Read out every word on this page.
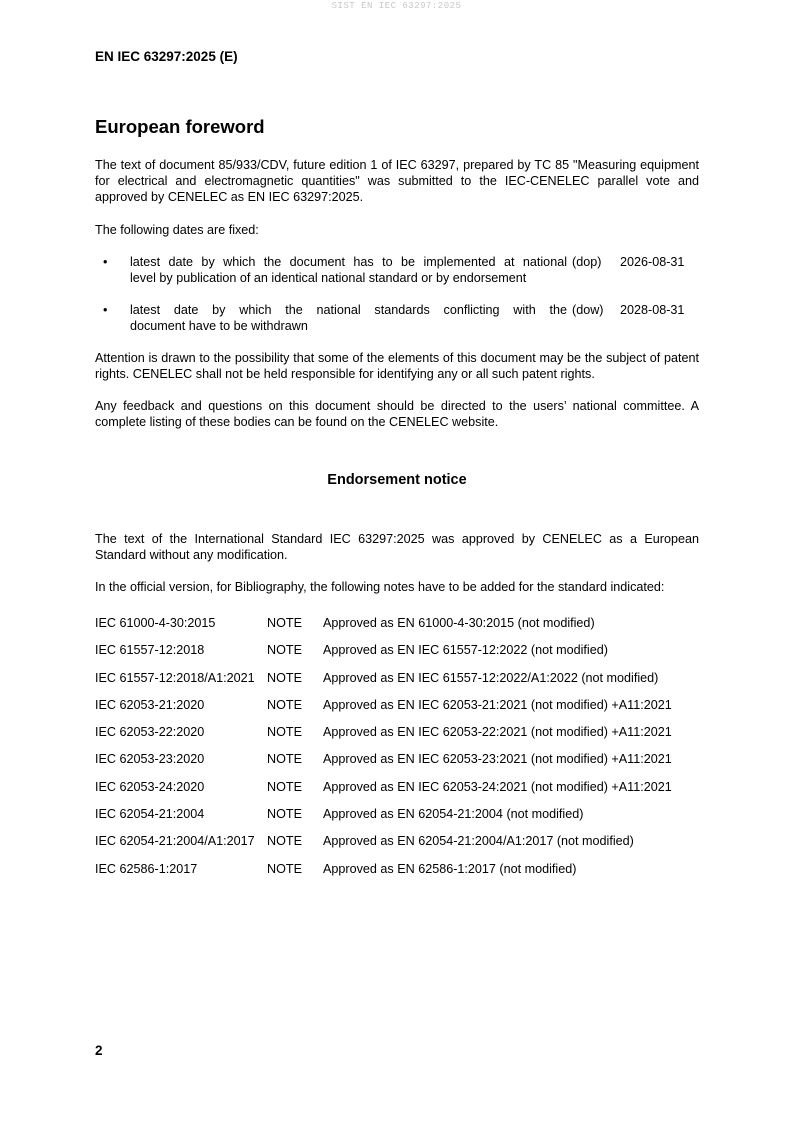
SIST EN IEC 63297:2025
EN IEC 63297:2025 (E)
European foreword

The text of document 85/933/CDV, future edition 1 of IEC 63297, prepared by TC 85 "Measuring equipment for electrical and electromagnetic quantities" was submitted to the IEC-CENELEC parallel vote and approved by CENELEC as EN IEC 63297:2025.

The following dates are fixed:

• latest date by which the document has to be implemented at national
level by publication of an identical national standard or by endorsement
(dop) 2026-08-31
• latest date by which the national standards conflicting with the
document have to be withdrawn
(dow) 2028-08-31

Attention is drawn to the possibility that some of the elements of this document may be the subject of patent rights. CENELEC shall not be held responsible for identifying any or all such patent rights.

Any feedback and questions on this document should be directed to the users’ national committee. A complete listing of these bodies can be found on the CENELEC website.

Endorsement notice

The text of the International Standard IEC 63297:2025 was approved by CENELEC as a European Standard without any modification.

In the official version, for Bibliography, the following notes have to be added for the standard indicated:

IEC 61000-4-30:2015	NOTE Approved as EN 61000-4-30:2015 (not modified)
IEC 61557-12:2018	NOTE Approved as EN IEC 61557-12:2022 (not modified)
IEC 61557-12:2018/A1:2021 NOTE Approved as EN IEC 61557-12:2022/A1:2022 (not modified)
IEC 62053-21:2020	NOTE Approved as EN IEC 62053-21:2021 (not modified) +A11:2021
IEC 62053-22:2020	NOTE Approved as EN IEC 62053-22:2021 (not modified) +A11:2021
IEC 62053-23:2020	NOTE Approved as EN IEC 62053-23:2021 (not modified) +A11:2021
IEC 62053-24:2020	NOTE Approved as EN IEC 62053-24:2021 (not modified) +A11:2021
IEC 62054-21:2004	NOTE Approved as EN 62054-21:2004 (not modified)
IEC 62054-21:2004/A1:2017 NOTE Approved as EN 62054-21:2004/A1:2017 (not modified)
IEC 62586-1:2017	NOTE Approved as EN 62586-1:2017 (not modified)
2
